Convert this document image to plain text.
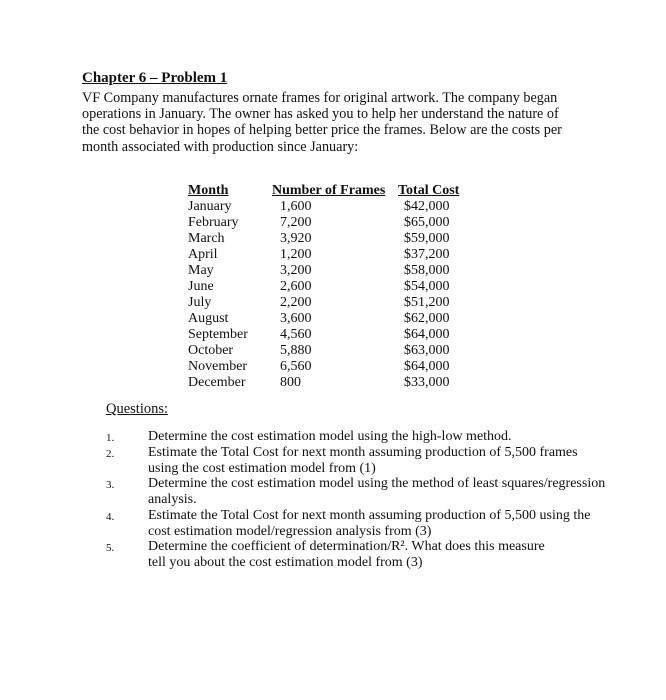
Chapter 6 – Problem 1
VF Company manufactures ornate frames for original artwork. The company began
operations in January. The owner has asked you to help her understand the nature of
the cost behavior in hopes of helping better price the frames. Below are the costs per
month associated with production since January:
Month	Number of Frames	Total Cost
January	1,600	$42,000
February	7,200	$65,000
March	3,920	$59,000
April	1,200	$37,200
May	3,200	$58,000
June	2,600	$54,000
July	2,200	$51,200
August	3,600	$62,000
September	4,560	$64,000
October	5,880	$63,000
November	6,560	$64,000
December	800	$33,000
Questions:
1.	Determine the cost estimation model using the high-low method.
2.	Estimate the Total Cost for next month assuming production of 5,500 frames
using the cost estimation model from (1)
3.	Determine the cost estimation model using the method of least squares/regression
analysis.
4.	Estimate the Total Cost for next month assuming production of 5,500 using the
cost estimation model/regression analysis from (3)
5.	Determine the coefficient of determination/R². What does this measure
tell you about the cost estimation model from (3)
